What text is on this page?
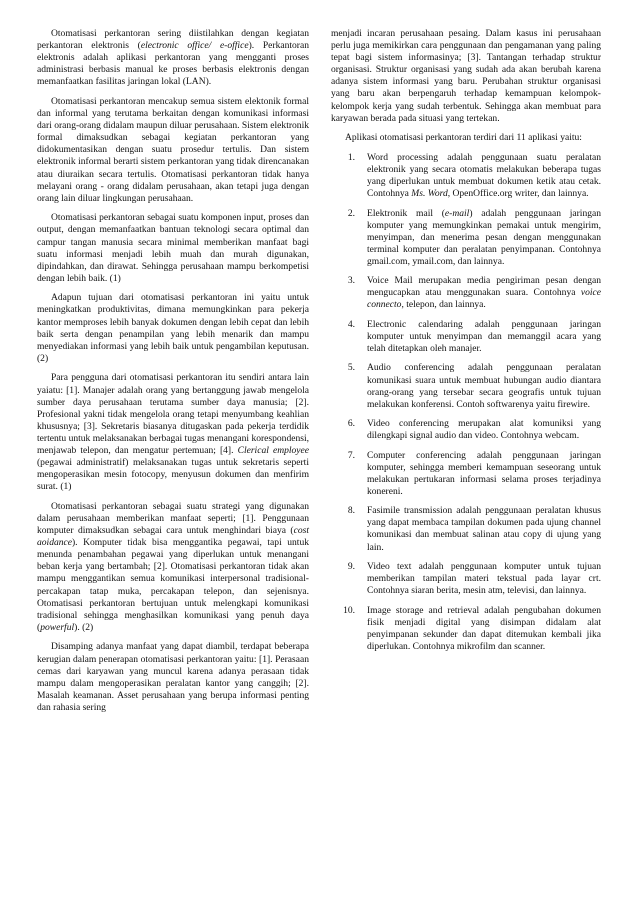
Otomatisasi perkantoran sering diistilahkan dengan kegiatan perkantoran elektronis (electronic office/ e-office). Perkantoran elektronis adalah aplikasi perkantoran yang mengganti proses administrasi berbasis manual ke proses berbasis elektronis dengan memanfaatkan fasilitas jaringan lokal (LAN).

Otomatisasi perkantoran mencakup semua sistem elektonik formal dan informal yang terutama berkaitan dengan komunikasi informasi dari orang-orang didalam maupun diluar perusahaan. Sistem elektronik formal dimaksudkan sebagai kegiatan perkantoran yang didokumentasikan dengan suatu prosedur tertulis. Dan sistem elektronik informal berarti sistem perkantoran yang tidak direncanakan atau diuraikan secara tertulis. Otomatisasi perkantoran tidak hanya melayani orang - orang didalam perusahaan, akan tetapi juga dengan orang lain diluar lingkungan perusahaan.

Otomatisasi perkantoran sebagai suatu komponen input, proses dan output, dengan memanfaatkan bantuan teknologi secara optimal dan campur tangan manusia secara minimal memberikan manfaat bagi suatu informasi menjadi lebih muah dan murah digunakan, dipindahkan, dan dirawat. Sehingga perusahaan mampu berkompetisi dengan lebih baik. (1)

Adapun tujuan dari otomatisasi perkantoran ini yaitu untuk meningkatkan produktivitas, dimana memungkinkan para pekerja kantor memproses lebih banyak dokumen dengan lebih cepat dan lebih baik serta dengan penampilan yang lebih menarik dan mampu menyediakan informasi yang lebih baik untuk pengambilan keputusan. (2)

Para pengguna dari otomatisasi perkantoran itu sendiri antara lain yaiatu: [1]. Manajer adalah orang yang bertanggung jawab mengelola sumber daya perusahaan terutama sumber daya manusia; [2]. Profesional yakni tidak mengelola orang tetapi menyumbang keahlian khususnya; [3]. Sekretaris biasanya ditugaskan pada pekerja terdidik tertentu untuk melaksanakan berbagai tugas menangani korespondensi, menjawab telepon, dan mengatur pertemuan; [4]. Clerical employee (pegawai administratif) melaksanakan tugas untuk sekretaris seperti mengoperasikan mesin fotocopy, menyusun dokumen dan menfirim surat. (1)

Otomatisasi perkantoran sebagai suatu strategi yang digunakan dalam perusahaan memberikan manfaat seperti; [1]. Penggunaan komputer dimaksudkan sebagai cara untuk menghindari biaya (cost aoidance). Komputer tidak bisa menggantika pegawai, tapi untuk menunda penambahan pegawai yang diperlukan untuk menangani beban kerja yang bertambah; [2]. Otomatisasi perkantoran tidak akan mampu menggantikan semua komunikasi interpersonal tradisional-percakapan tatap muka, percakapan telepon, dan sejenisnya. Otomatisasi perkantoran bertujuan untuk melengkapi komunikasi tradisional sehingga menghasilkan komunikasi yang penuh daya (powerful). (2)

Disamping adanya manfaat yang dapat diambil, terdapat beberapa kerugian dalam penerapan otomatisasi perkantoran yaitu: [1]. Perasaan cemas dari karyawan yang muncul karena adanya perasaan tidak mampu dalam mengoperasikan peralatan kantor yang canggih; [2]. Masalah keamanan. Asset perusahaan yang berupa informasi penting dan rahasia sering

menjadi incaran perusahaan pesaing. Dalam kasus ini perusahaan perlu juga memikirkan cara penggunaan dan pengamanan yang paling tepat bagi sistem informasinya; [3]. Tantangan terhadap struktur organisasi. Struktur organisasi yang sudah ada akan berubah karena adanya sistem informasi yang baru. Perubahan struktur organisasi yang baru akan berpengaruh terhadap kemampuan kelompok-kelompok kerja yang sudah terbentuk. Sehingga akan membuat para karyawan berada pada situasi yang tertekan.

Aplikasi otomatisasi perkantoran terdiri dari 11 aplikasi yaitu:

1.	Word processing adalah penggunaan suatu peralatan elektronik yang secara otomatis melakukan beberapa tugas yang diperlukan untuk membuat dokumen ketik atau cetak. Contohnya Ms. Word, OpenOffice.org writer, dan lainnya.
2.	Elektronik mail (e-mail) adalah penggunaan jaringan komputer yang memungkinkan pemakai untuk mengirim, menyimpan, dan menerima pesan dengan menggunakan terminal komputer dan peralatan penyimpanan. Contohnya gmail.com, ymail.com, dan lainnya.
3.	Voice Mail merupakan media pengiriman pesan dengan mengucapkan atau menggunakan suara. Contohnya voice connecto, telepon, dan lainnya.
4.	Electronic calendaring adalah penggunaan jaringan komputer untuk menyimpan dan memanggil acara yang telah ditetapkan oleh manajer.
5.	Audio conferencing adalah penggunaan peralatan komunikasi suara untuk membuat hubungan audio diantara orang-orang yang tersebar secara geografis untuk tujuan melakukan konferensi. Contoh softwarenya yaitu firewire.
6.	Video conferencing merupakan alat komuniksi yang dilengkapi signal audio dan video. Contohnya webcam.
7.	Computer conferencing adalah penggunaan jaringan komputer, sehingga memberi kemampuan seseorang untuk melakukan pertukaran informasi selama proses terjadinya konereni.
8.	Fasimile transmission adalah penggunaan peralatan khusus yang dapat membaca tampilan dokumen pada ujung channel komunikasi dan membuat salinan atau copy di ujung yang lain.
9.	Video text adalah penggunaan komputer untuk tujuan memberikan tampilan materi tekstual pada layar crt. Contohnya siaran berita, mesin atm, televisi, dan lainnya.
10.	Image storage and retrieval adalah pengubahan dokumen fisik menjadi digital yang disimpan didalam alat penyimpanan sekunder dan dapat ditemukan kembali jika diperlukan. Contohnya mikrofilm dan scanner.
